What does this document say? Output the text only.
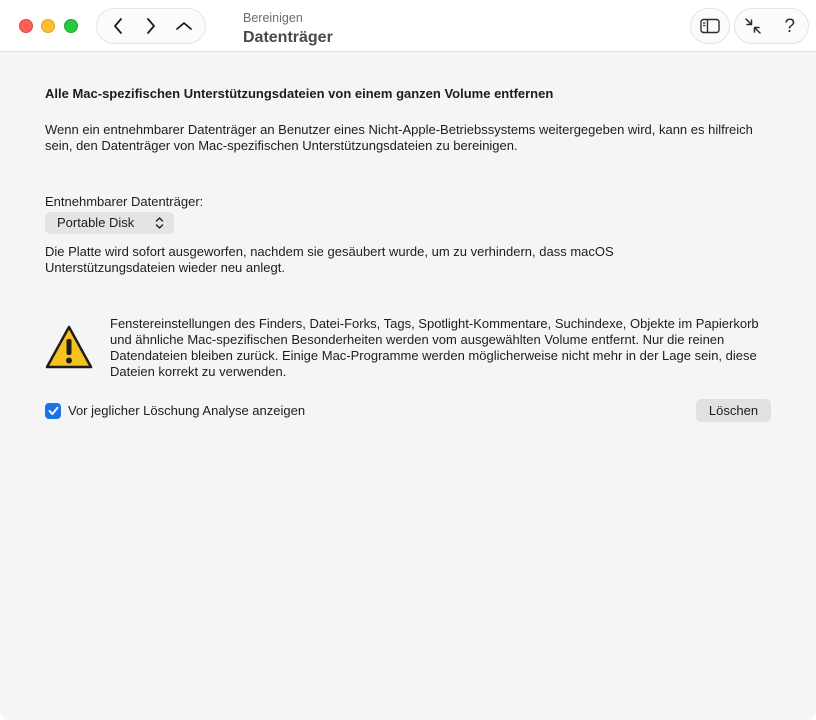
Bereinigen
Datenträger
?
Alle Mac-spezifischen Unterstützungsdateien von einem ganzen Volume entfernen
Wenn ein entnehmbarer Datenträger an Benutzer eines Nicht-Apple-Betriebssystems weitergegeben wird, kann es hilfreich sein, den Datenträger von Mac-spezifischen Unterstützungsdateien zu bereinigen.
Entnehmbarer Datenträger:
Portable Disk
Die Platte wird sofort ausgeworfen, nachdem sie gesäubert wurde, um zu verhindern, dass macOS Unterstützungsdateien wieder neu anlegt.
Fenstereinstellungen des Finders, Datei-Forks, Tags, Spotlight-Kommentare, Suchindexe, Objekte im Papierkorb und ähnliche Mac-spezifischen Besonderheiten werden vom ausgewählten Volume entfernt. Nur die reinen Datendateien bleiben zurück. Einige Mac-Programme werden möglicherweise nicht mehr in der Lage sein, diese Dateien korrekt zu verwenden.
Vor jeglicher Löschung Analyse anzeigen	Löschen
